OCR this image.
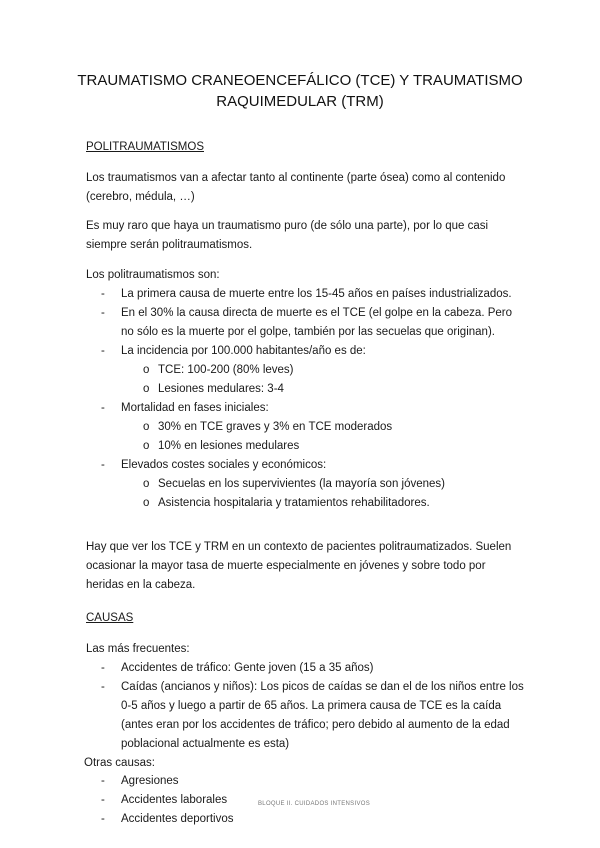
TRAUMATISMO CRANEOENCEFÁLICO (TCE) Y TRAUMATISMO
RAQUIMEDULAR (TRM)
POLITRAUMATISMOS
Los traumatismos van a afectar tanto al continente (parte ósea) como al contenido (cerebro, médula, …)
Es muy raro que haya un traumatismo puro (de sólo una parte), por lo que casi siempre serán politraumatismos.
Los politraumatismos son:
- La primera causa de muerte entre los 15-45 años en países industrializados.
- En el 30% la causa directa de muerte es el TCE (el golpe en la cabeza. Pero no sólo es la muerte por el golpe, también por las secuelas que originan).
- La incidencia por 100.000 habitantes/año es de:
o TCE: 100-200 (80% leves)
o Lesiones medulares: 3-4
- Mortalidad en fases iniciales:
o 30% en TCE graves y 3% en TCE moderados
o 10% en lesiones medulares
- Elevados costes sociales y económicos:
o Secuelas en los supervivientes (la mayoría son jóvenes)
o Asistencia hospitalaria y tratamientos rehabilitadores.
Hay que ver los TCE y TRM en un contexto de pacientes politraumatizados. Suelen ocasionar la mayor tasa de muerte especialmente en jóvenes y sobre todo por heridas en la cabeza.
CAUSAS
Las más frecuentes:
- Accidentes de tráfico: Gente joven (15 a 35 años)
- Caídas (ancianos y niños): Los picos de caídas se dan el de los niños entre los 0-5 años y luego a partir de 65 años. La primera causa de TCE es la caída (antes eran por los accidentes de tráfico; pero debido al aumento de la edad poblacional actualmente es esta)
Otras causas:
- Agresiones
- Accidentes laborales
- Accidentes deportivos
BLOQUE II. CUIDADOS INTENSIVOS
